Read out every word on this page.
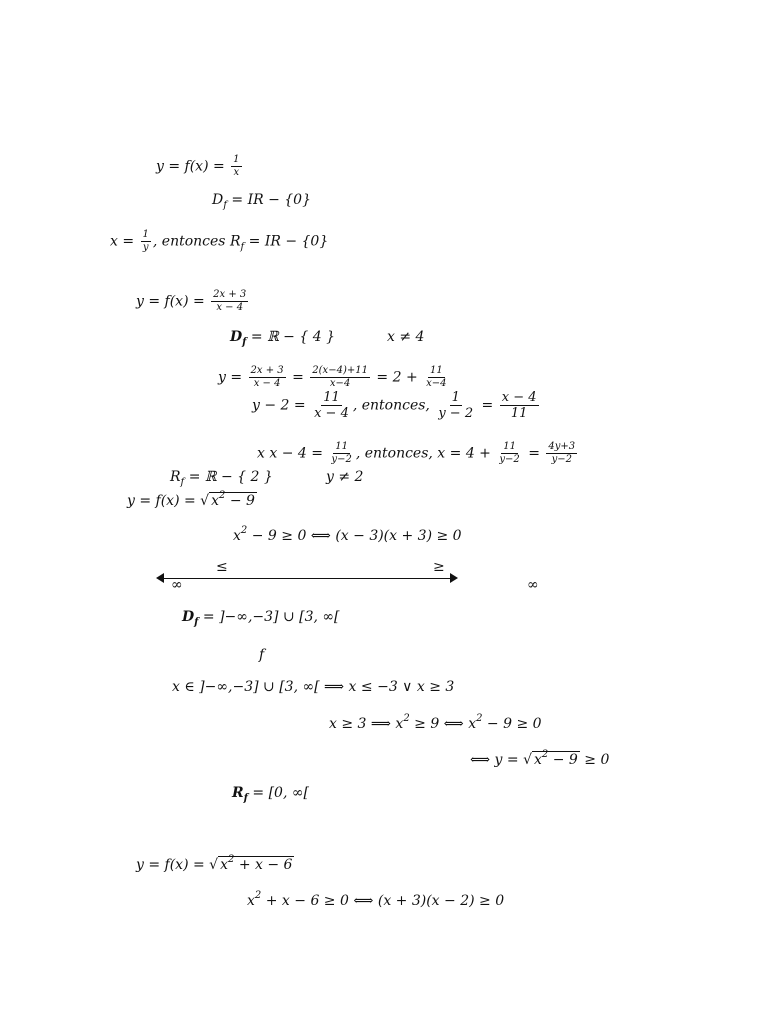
$y = f(x) = \frac{1}{x}$
$D_f$ = IR − {0}
$x = \frac{1}{y}$ , entonces $R_f$ = IR − {0}
$y = f(x) = \frac{2x + 3}{x - 4}$
$D_f$ = ℝ − { 4 }	x ≠ 4
$y = \frac{2x + 3}{x - 4} = \frac{2(x-4)+11}{x-4} = 2 + \frac{11}{x-4}$
$y - 2 = \frac{11}{x - 4}$ , entonces, $\frac{1}{y - 2} = \frac{x - 4}{11}$
x $x - 4 = \frac{11}{y-2}$ , entonces, $x = 4 + \frac{11}{y-2} = \frac{4y+3}{y-2}$
$R_f$ = ℝ − { 2 }	y ≠ 2
y = f(x) = √ $x^2 - 9$
$x^2 - 9 \ge 0$ ⟺ (x − 3)(x + 3) ≥ 0
≤	≥
∞	∞
$D_f = ]-\infty,-3$] ∪ [3, ∞[
f
x ∈ ]−∞,−3] ∪ [3, ∞[ ⟹ x ≤ −3 ∨ x ≥ 3
x ≥ 3 ⟹ $x^2 \ge 9$ ⟺ $x^2 - 9 \ge 0$
⟺ y = √ $x^2 - 9 \ge 0$
$R_f = [0$, ∞[
y = f(x) = √ $x^2 + x - 6$
$x^2 + x - 6 \ge 0$ ⟺ (x + 3)(x − 2) ≥ 0
